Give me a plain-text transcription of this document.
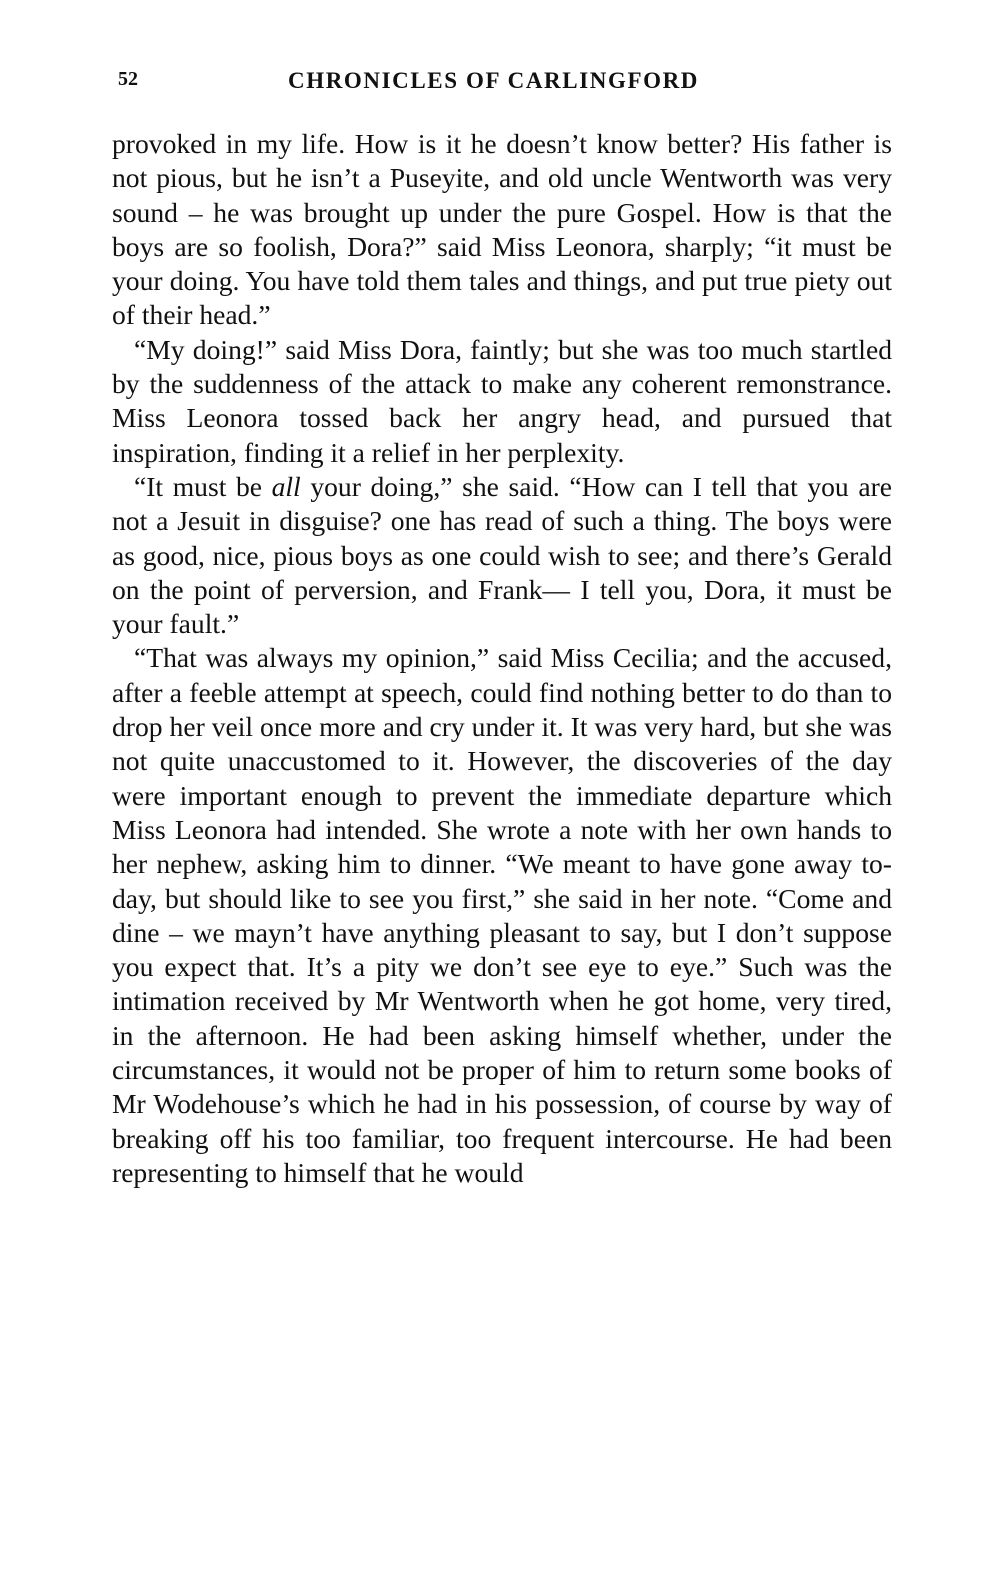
52	CHRONICLES OF CARLINGFORD

provoked in my life. How is it he doesn’t know better? His father is not pious, but he isn’t a Puseyite, and old uncle Wentworth was very sound – he was brought up under the pure Gospel. How is that the boys are so foolish, Dora?” said Miss Leonora, sharply; “it must be your doing. You have told them tales and things, and put true piety out of their head.”

“My doing!” said Miss Dora, faintly; but she was too much startled by the suddenness of the attack to make any coherent remonstrance. Miss Leonora tossed back her angry head, and pursued that inspiration, finding it a relief in her perplexity.

“It must be all your doing,” she said. “How can I tell that you are not a Jesuit in disguise? one has read of such a thing. The boys were as good, nice, pious boys as one could wish to see; and there’s Gerald on the point of perversion, and Frank— I tell you, Dora, it must be your fault.”

“That was always my opinion,” said Miss Cecilia; and the accused, after a feeble attempt at speech, could find nothing better to do than to drop her veil once more and cry under it. It was very hard, but she was not quite unaccustomed to it. However, the discoveries of the day were important enough to prevent the immediate departure which Miss Leonora had intended. She wrote a note with her own hands to her nephew, asking him to dinner. “We meant to have gone away to-day, but should like to see you first,” she said in her note. “Come and dine – we mayn’t have anything pleasant to say, but I don’t suppose you expect that. It’s a pity we don’t see eye to eye.” Such was the intimation received by Mr Wentworth when he got home, very tired, in the afternoon. He had been asking himself whether, under the circumstances, it would not be proper of him to return some books of Mr Wodehouse’s which he had in his possession, of course by way of breaking off his too familiar, too frequent intercourse. He had been representing to himself that he would
